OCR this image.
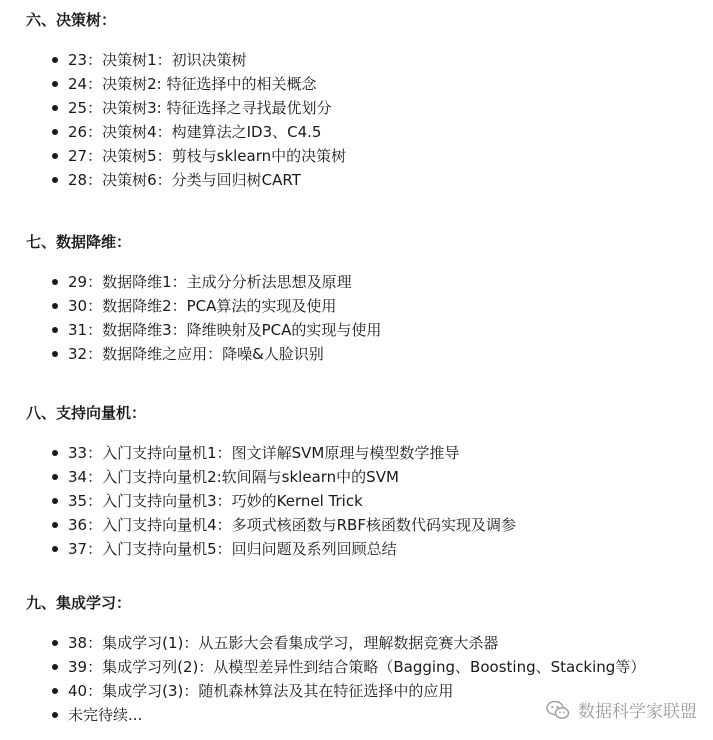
六、决策树：
23：决策树1：初识决策树
24：决策树2: 特征选择中的相关概念
25：决策树3: 特征选择之寻找最优划分
26：决策树4：构建算法之ID3、C4.5
27：决策树5：剪枝与sklearn中的决策树
28：决策树6：分类与回归树CART
七、数据降维：
29：数据降维1：主成分分析法思想及原理
30：数据降维2：PCA算法的实现及使用
31：数据降维3：降维映射及PCA的实现与使用
32：数据降维之应用：降噪&人脸识别
八、支持向量机：
33：入门支持向量机1：图文详解SVM原理与模型数学推导
34：入门支持向量机2:软间隔与sklearn中的SVM
35：入门支持向量机3：巧妙的Kernel Trick
36：入门支持向量机4：多项式核函数与RBF核函数代码实现及调参
37：入门支持向量机5：回归问题及系列回顾总结
九、集成学习：
38：集成学习(1)：从五影大会看集成学习，理解数据竞赛大杀器
39：集成学习列(2)：从模型差异性到结合策略（Bagging、Boosting、Stacking等）
40：集成学习(3)：随机森林算法及其在特征选择中的应用
未完待续...	数据科学家联盟
